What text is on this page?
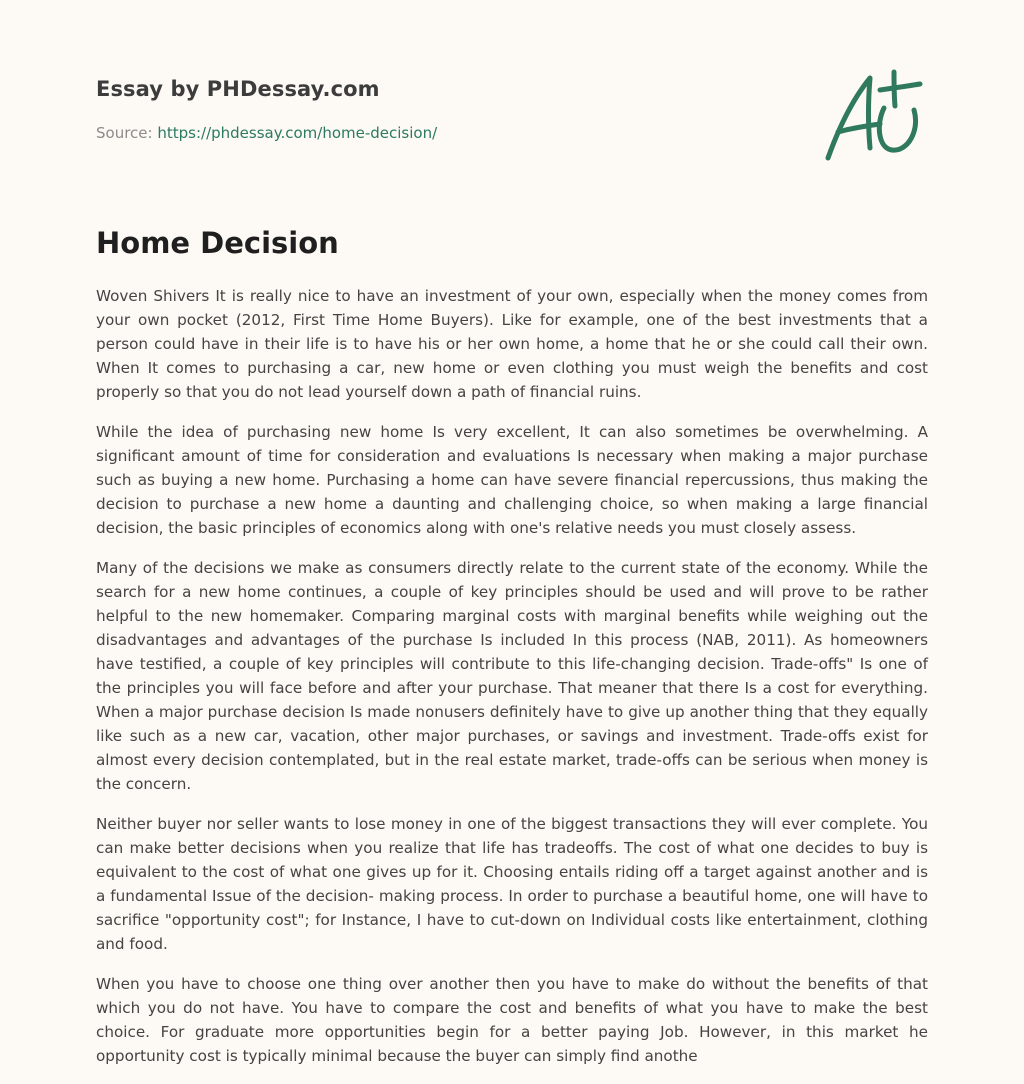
Essay by PHDessay.com
Source: https://phdessay.com/home-decision/
Home Decision

Woven Shivers It is really nice to have an investment of your own, especially when the money comes from your own pocket (2012, First Time Home Buyers). Like for example, one of the best investments that a person could have in their life is to have his or her own home, a home that he or she could call their own. When It comes to purchasing a car, new home or even clothing you must weigh the benefits and cost properly so that you do not lead yourself down a path of financial ruins.

While the idea of purchasing new home Is very excellent, It can also sometimes be overwhelming. A significant amount of time for consideration and evaluations Is necessary when making a major purchase such as buying a new home. Purchasing a home can have severe financial repercussions, thus making the decision to purchase a new home a daunting and challenging choice, so when making a large financial decision, the basic principles of economics along with one's relative needs you must closely assess.

Many of the decisions we make as consumers directly relate to the current state of the economy. While the search for a new home continues, a couple of key principles should be used and will prove to be rather helpful to the new homemaker. Comparing marginal costs with marginal benefits while weighing out the disadvantages and advantages of the purchase Is included In this process (NAB, 2011). As homeowners have testified, a couple of key principles will contribute to this life-changing decision. Trade-offs" Is one of the principles you will face before and after your purchase. That meaner that there Is a cost for everything. When a major purchase decision Is made nonusers definitely have to give up another thing that they equally like such as a new car, vacation, other major purchases, or savings and investment. Trade-offs exist for almost every decision contemplated, but in the real estate market, trade-offs can be serious when money is the concern.

Neither buyer nor seller wants to lose money in one of the biggest transactions they will ever complete. You can make better decisions when you realize that life has tradeoffs. The cost of what one decides to buy is equivalent to the cost of what one gives up for it. Choosing entails riding off a target against another and is a fundamental Issue of the decision- making process. In order to purchase a beautiful home, one will have to sacrifice "opportunity cost"; for Instance, I have to cut-down on Individual costs like entertainment, clothing and food.

When you have to choose one thing over another then you have to make do without the benefits of that which you do not have. You have to compare the cost and benefits of what you have to make the best choice. For graduate more opportunities begin for a better paying Job. However, in this market he opportunity cost is typically minimal because the buyer can simply find anothe
